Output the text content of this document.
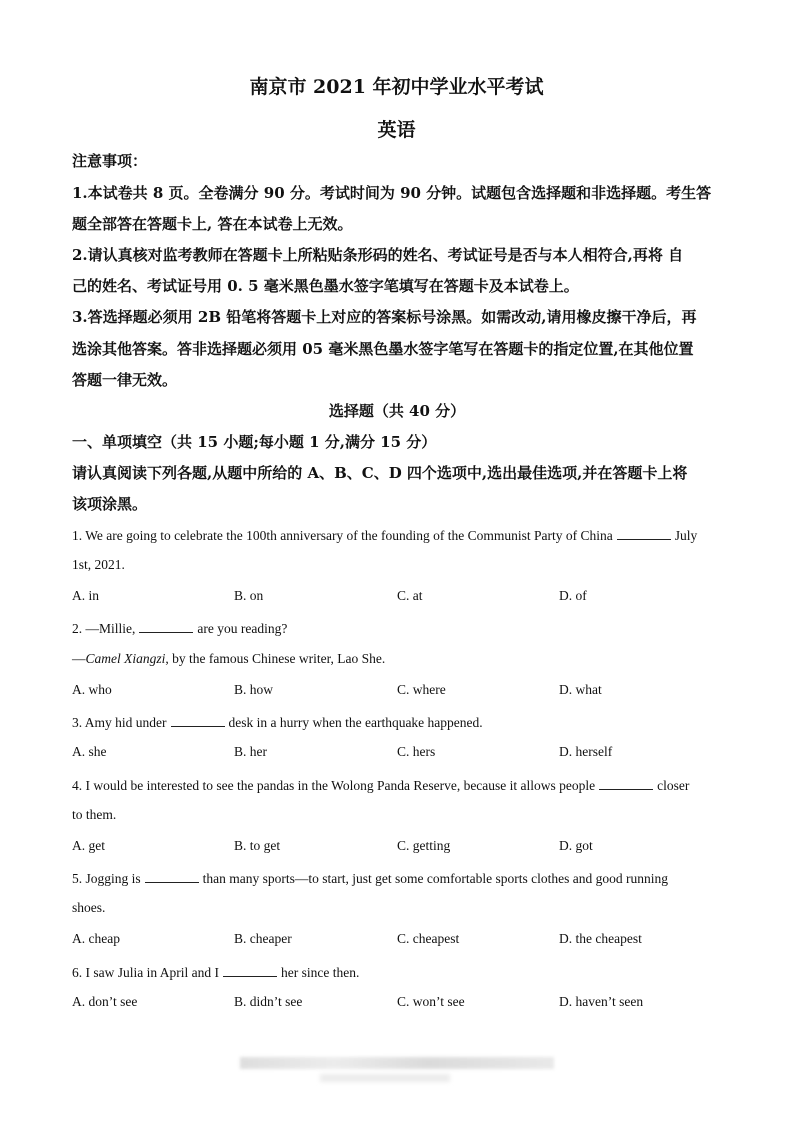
南京市 2021 年初中学业水平考试
英语
注意事项：
1.本试卷共 8 页。全卷满分 90 分。考试时间为 90 分钟。试题包含选择题和非选择题。考生答
题全部答在答题卡上, 答在本试卷上无效。
2.请认真核对监考教师在答题卡上所粘贴条形码的姓名、考试证号是否与本人相符合,再将 自
己的姓名、考试证号用 0. 5 毫米黑色墨水签字笔填写在答题卡及本试卷上。
3.答选择题必须用 2B 铅笔将答题卡上对应的答案标号涂黑。如需改动,请用橡皮擦干净后，再
选涂其他答案。答非选择题必须用 05 毫米黑色墨水签字笔写在答题卡的指定位置,在其他位置
答题一律无效。
选择题（共 40 分）
一、单项填空（共 15 小题;每小题 1 分,满分 15 分）
请认真阅读下列各题,从题中所给的 A、B、C、D 四个选项中,选出最佳选项,并在答题卡上将
该项涂黑。
1. We are going to celebrate the 100th anniversary of the founding of the Communist Party of China	July
1st, 2021.
A. in	B. on	C. at	D. of
2. —Millie,	are you reading?
—Camel Xiangzi, by the famous Chinese writer, Lao She.
A. who	B. how	C. where	D. what
3. Amy hid under	desk in a hurry when the earthquake happened.
A. she	B. her	C. hers	D. herself
4. I would be interested to see the pandas in the Wolong Panda Reserve, because it allows people	closer
to them.
A. get	B. to get	C. getting	D. got
5. Jogging is	than many sports—to start, just get some comfortable sports clothes and good running
shoes.
A. cheap	B. cheaper	C. cheapest	D. the cheapest
6. I saw Julia in April and I	her since then.
A. don’t see	B. didn’t see	C. won’t see	D. haven’t seen
